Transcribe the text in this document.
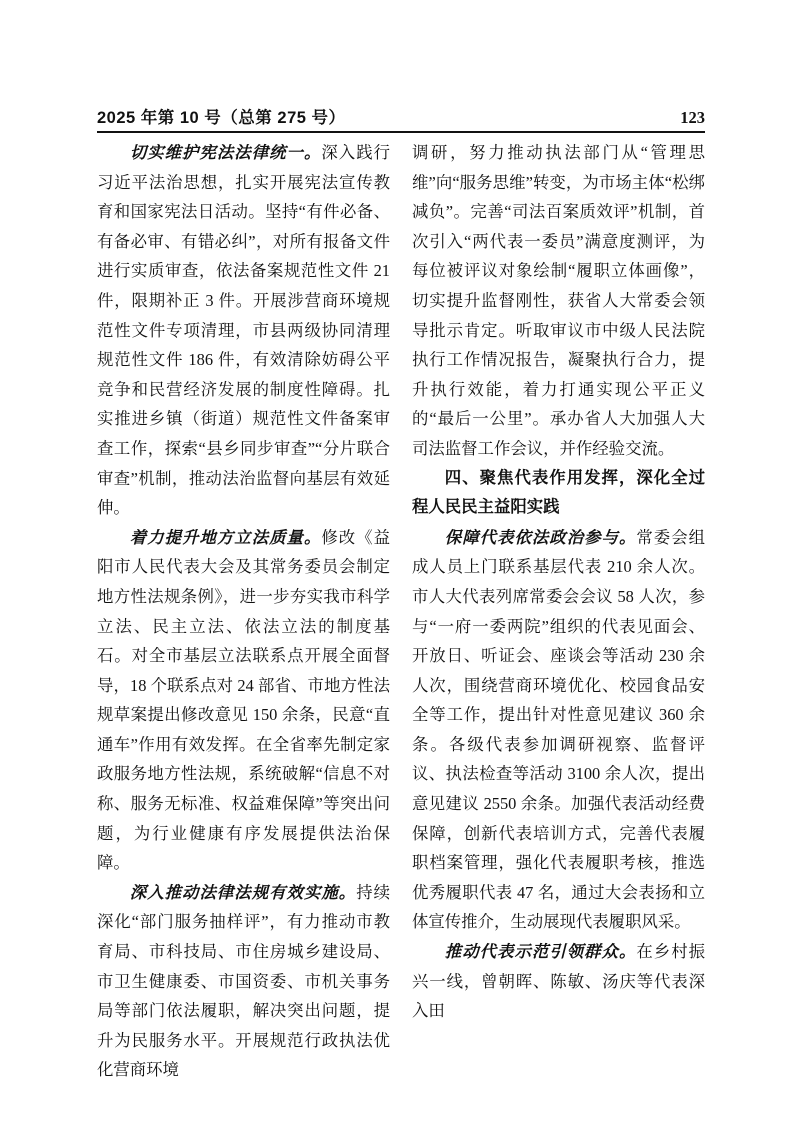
2025 年第 10 号（总第 275 号）	123

切实维护宪法法律统一。深入践行习近平法治思想，扎实开展宪法宣传教育和国家宪法日活动。坚持“有件必备、有备必审、有错必纠”，对所有报备文件进行实质审查，依法备案规范性文件 21 件，限期补正 3 件。开展涉营商环境规范性文件专项清理，市县两级协同清理规范性文件 186 件，有效清除妨碍公平竞争和民营经济发展的制度性障碍。扎实推进乡镇（街道）规范性文件备案审查工作，探索“县乡同步审查”“分片联合审查”机制，推动法治监督向基层有效延伸。

着力提升地方立法质量。修改《益阳市人民代表大会及其常务委员会制定地方性法规条例》，进一步夯实我市科学立法、民主立法、依法立法的制度基石。对全市基层立法联系点开展全面督导，18 个联系点对 24 部省、市地方性法规草案提出修改意见 150 余条，民意“直通车”作用有效发挥。在全省率先制定家政服务地方性法规，系统破解“信息不对称、服务无标准、权益难保障”等突出问题，为行业健康有序发展提供法治保障。

深入推动法律法规有效实施。持续深化“部门服务抽样评”，有力推动市教育局、市科技局、市住房城乡建设局、市卫生健康委、市国资委、市机关事务局等部门依法履职，解决突出问题，提升为民服务水平。开展规范行政执法优化营商环境

调研，努力推动执法部门从“管理思维”向“服务思维”转变，为市场主体“松绑减负”。完善“司法百案质效评”机制，首次引入“两代表一委员”满意度测评，为每位被评议对象绘制“履职立体画像”，切实提升监督刚性，获省人大常委会领导批示肯定。听取审议市中级人民法院执行工作情况报告，凝聚执行合力，提升执行效能，着力打通实现公平正义的“最后一公里”。承办省人大加强人大司法监督工作会议，并作经验交流。

四、聚焦代表作用发挥，深化全过程人民民主益阳实践

保障代表依法政治参与。常委会组成人员上门联系基层代表 210 余人次。市人大代表列席常委会会议 58 人次，参与“一府一委两院”组织的代表见面会、开放日、听证会、座谈会等活动 230 余人次，围绕营商环境优化、校园食品安全等工作，提出针对性意见建议 360 余条。各级代表参加调研视察、监督评议、执法检查等活动 3100 余人次，提出意见建议 2550 余条。加强代表活动经费保障，创新代表培训方式，完善代表履职档案管理，强化代表履职考核，推选优秀履职代表 47 名，通过大会表扬和立体宣传推介，生动展现代表履职风采。

推动代表示范引领群众。在乡村振兴一线，曾朝晖、陈敏、汤庆等代表深入田
